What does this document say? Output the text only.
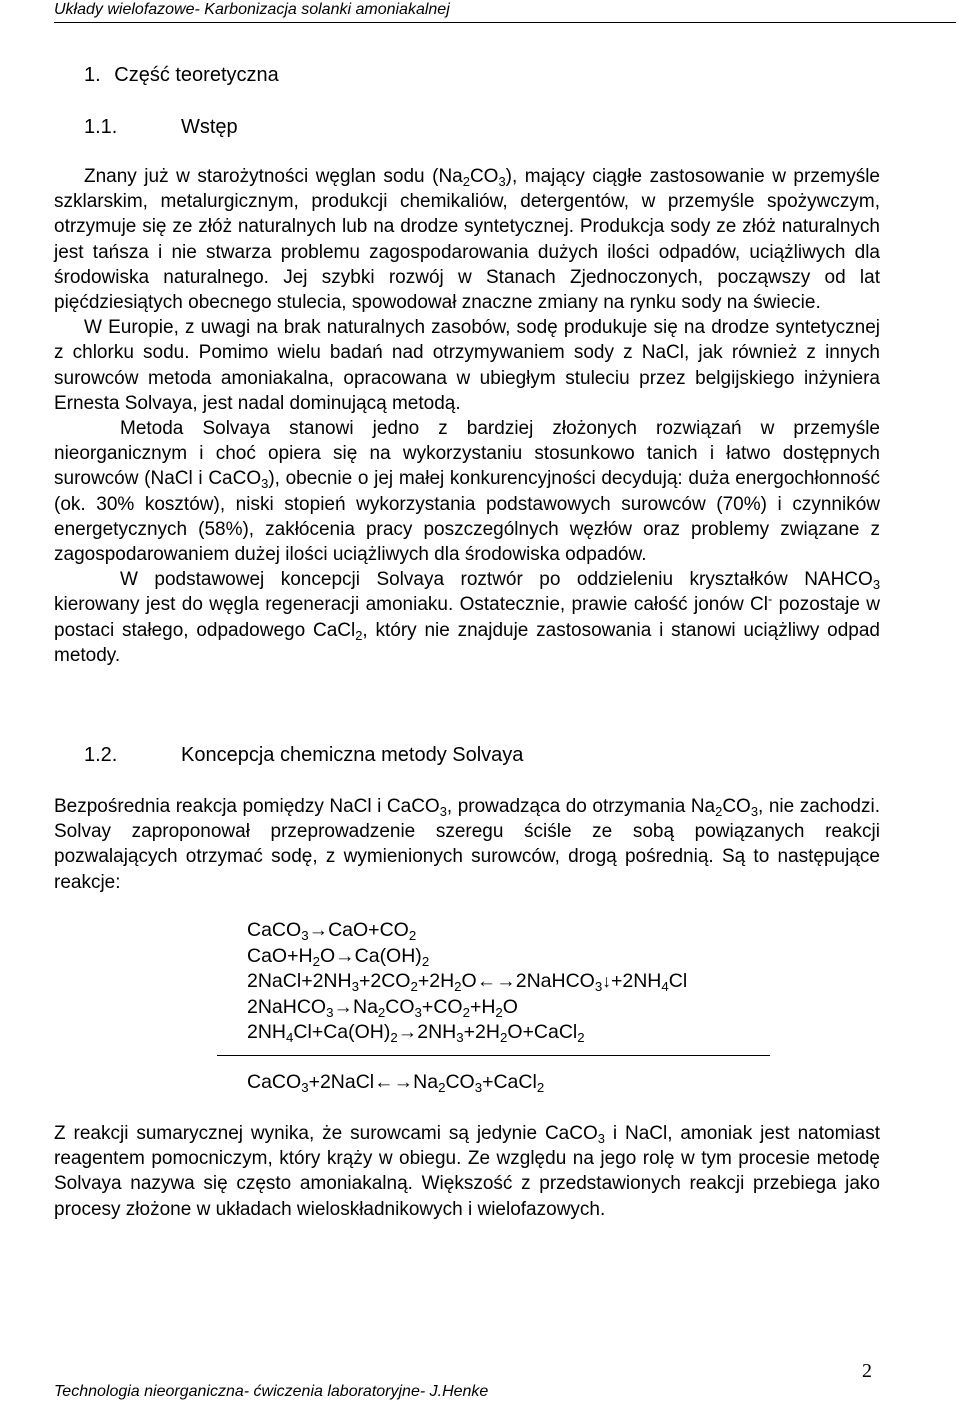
Układy wielofazowe- Karbonizacja solanki amoniakalnej
1. Część teoretyczna
1.1.	Wstęp
Znany już w starożytności węglan sodu $(Na_2CO_3)$, mający ciągłe zastosowanie w przemyśle szklarskim, metalurgicznym, produkcji chemikaliów, detergentów, w przemyśle spożywczym, otrzymuje się ze złóż naturalnych lub na drodze syntetycznej. Produkcja sody ze złóż naturalnych jest tańsza i nie stwarza problemu zagospodarowania dużych ilości odpadów, uciążliwych dla środowiska naturalnego. Jej szybki rozwój w Stanach Zjednoczonych, począwszy od lat pięćdziesiątych obecnego stulecia, spowodował znaczne zmiany na rynku sody na świecie.
W Europie, z uwagi na brak naturalnych zasobów, sodę produkuje się na drodze syntetycznej z chlorku sodu. Pomimo wielu badań nad otrzymywaniem sody z NaCl, jak również z innych surowców metoda amoniakalna, opracowana w ubiegłym stuleciu przez belgijskiego inżyniera Ernesta Solvaya, jest nadal dominującą metodą.
Metoda Solvaya stanowi jedno z bardziej złożonych rozwiązań w przemyśle nieorganicznym i choć opiera się na wykorzystaniu stosunkowo tanich i łatwo dostępnych surowców (NaCl i CaCO$_3$), obecnie o jej małej konkurencyjności decydują: duża energochłonność (ok. 30% kosztów), niski stopień wykorzystania podstawowych surowców (70%) i czynników energetycznych (58%), zakłócenia pracy poszczególnych węzłów oraz problemy związane z zagospodarowaniem dużej ilości uciążliwych dla środowiska odpadów.
W podstawowej koncepcji Solvaya roztwór po oddzieleniu kryształków $NAHCO_3$ kierowany jest do węgla regeneracji amoniaku. Ostatecznie, prawie całość jonów Cl- pozostaje w postaci stałego, odpadowego CaCl$_2$, który nie znajduje zastosowania i stanowi uciążliwy odpad metody.
1.2.	Koncepcja chemiczna metody Solvaya
Bezpośrednia reakcja pomiędzy NaCl i CaCO$_3$, prowadząca do otrzymania $Na_2CO_3$, nie zachodzi. Solvay zaproponował przeprowadzenie szeregu ściśle ze sobą powiązanych reakcji pozwalających otrzymać sodę, z wymienionych surowców, drogą pośrednią. Są to następujące reakcje:
$CaCO_3\to CaO+CO_2$
$CaO+H_2O\to Ca(OH)_2$
$2NaCl+2NH_3+2CO_2+2H_2O\leftarrow\to 2NaHCO_3↓+2NH_4Cl$
$2NaHCO_3\to Na_2CO_3+CO_2+H_2O$
$2NH_4Cl+Ca(OH)_2\to 2NH_3+2H_2O+CaCl_2$
$CaCO_3+2NaCl\leftarrow\to Na_2CO_3+CaCl_2$
Z reakcji sumarycznej wynika, że surowcami są jedynie CaCO$_3$ i NaCl, amoniak jest natomiast reagentem pomocniczym, który krąży w obiegu. Ze względu na jego rolę w tym procesie metodę Solvaya nazywa się często amoniakalną. Większość z przedstawionych reakcji przebiega jako procesy złożone w układach wieloskładnikowych i wielofazowych.
2
Technologia nieorganiczna- ćwiczenia laboratoryjne- J.Henke
